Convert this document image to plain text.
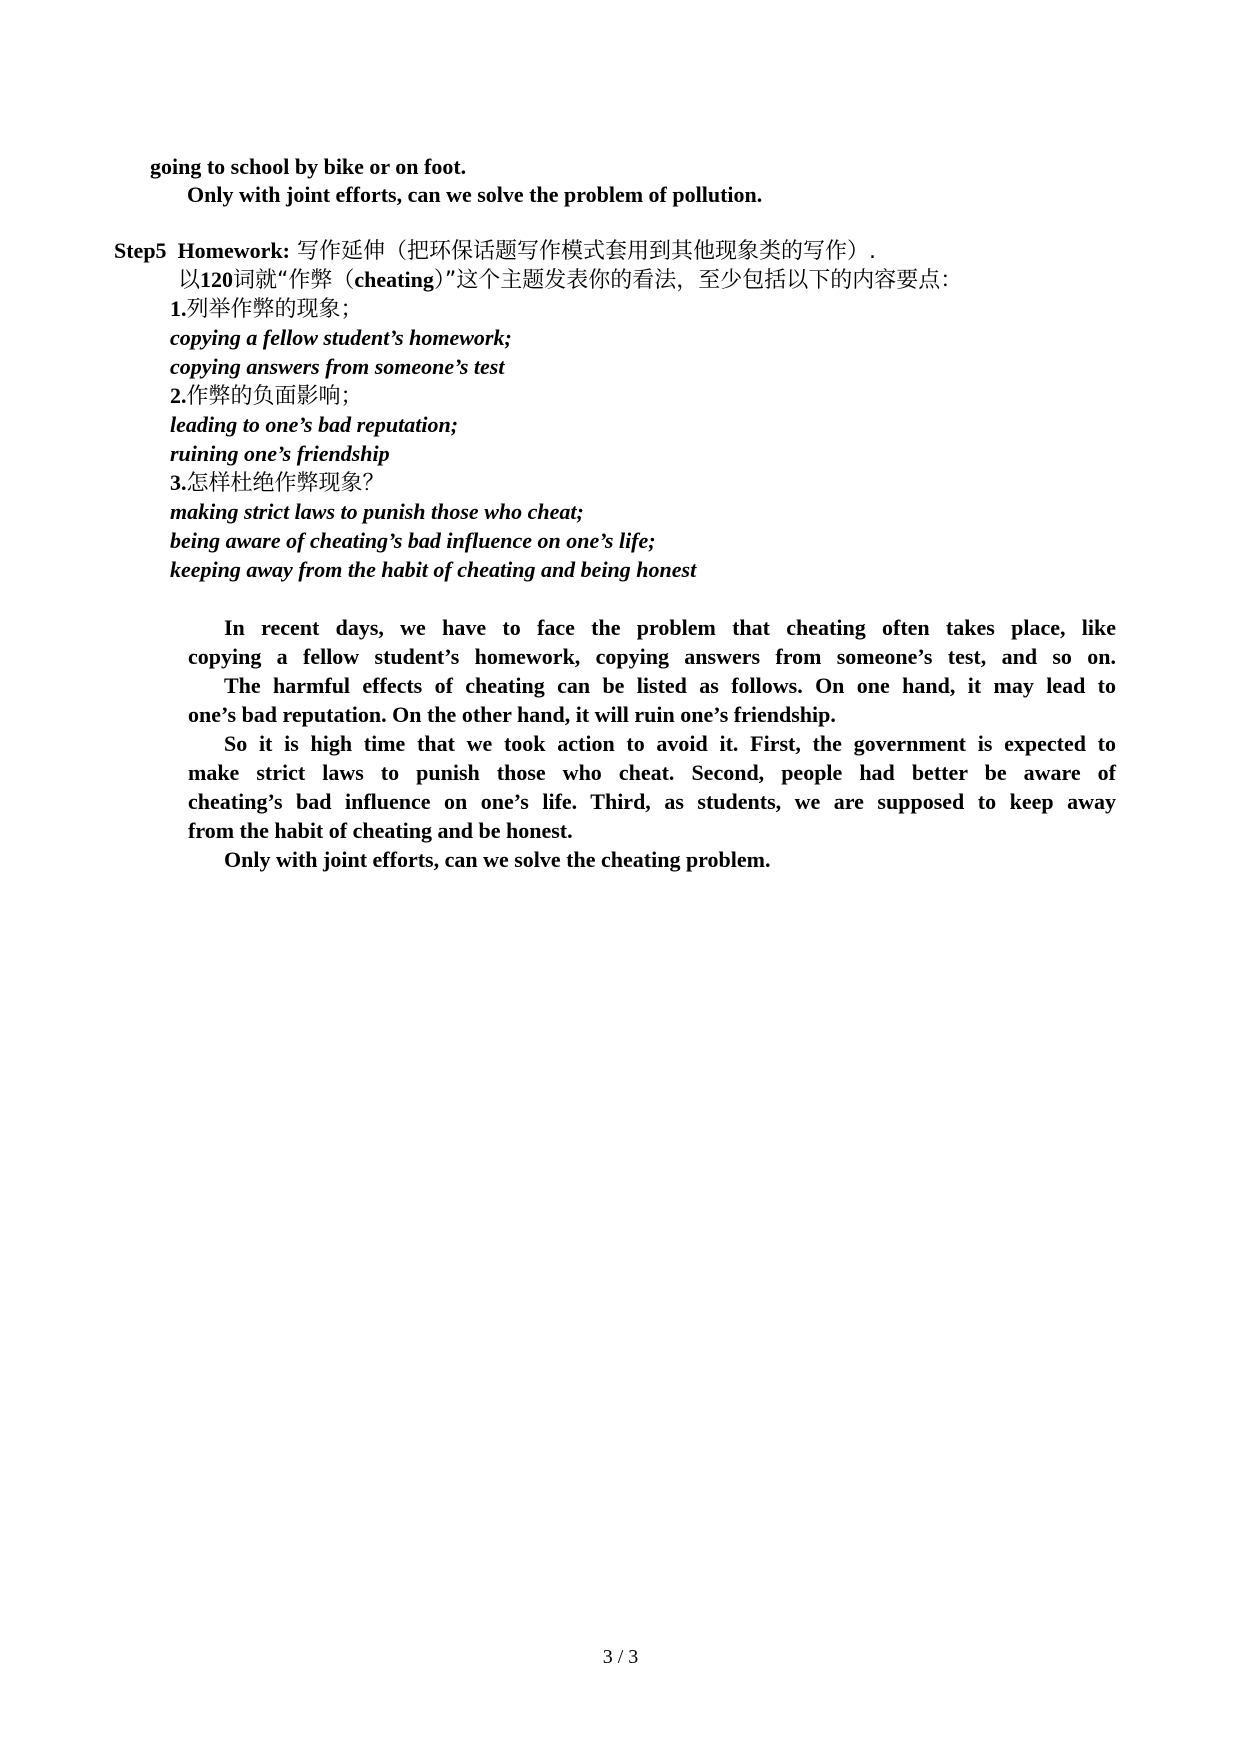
going to school by bike or on foot.
Only with joint efforts, can we solve the problem of pollution.
Step5 Homework: 写作延伸（把环保话题写作模式套用到其他现象类的写作）.
以120词就“作弊（cheating）”这个主题发表你的看法，至少包括以下的内容要点：
1.列举作弊的现象；
copying a fellow student’s homework;
copying answers from someone’s test
2.作弊的负面影响；
leading to one’s bad reputation;
ruining one’s friendship
3.怎样杜绝作弊现象？
making strict laws to punish those who cheat;
being aware of cheating’s bad influence on one’s life;
keeping away from the habit of cheating and being honest
In recent days, we have to face the problem that cheating often takes place, like
copying a fellow student’s homework, copying answers from someone’s test, and so on.
The harmful effects of cheating can be listed as follows. On one hand, it may lead to
one’s bad reputation. On the other hand, it will ruin one’s friendship.
So it is high time that we took action to avoid it. First, the government is expected to
make strict laws to punish those who cheat. Second, people had better be aware of
cheating’s bad influence on one’s life. Third, as students, we are supposed to keep away
from the habit of cheating and be honest.
Only with joint efforts, can we solve the cheating problem.
3 / 3
